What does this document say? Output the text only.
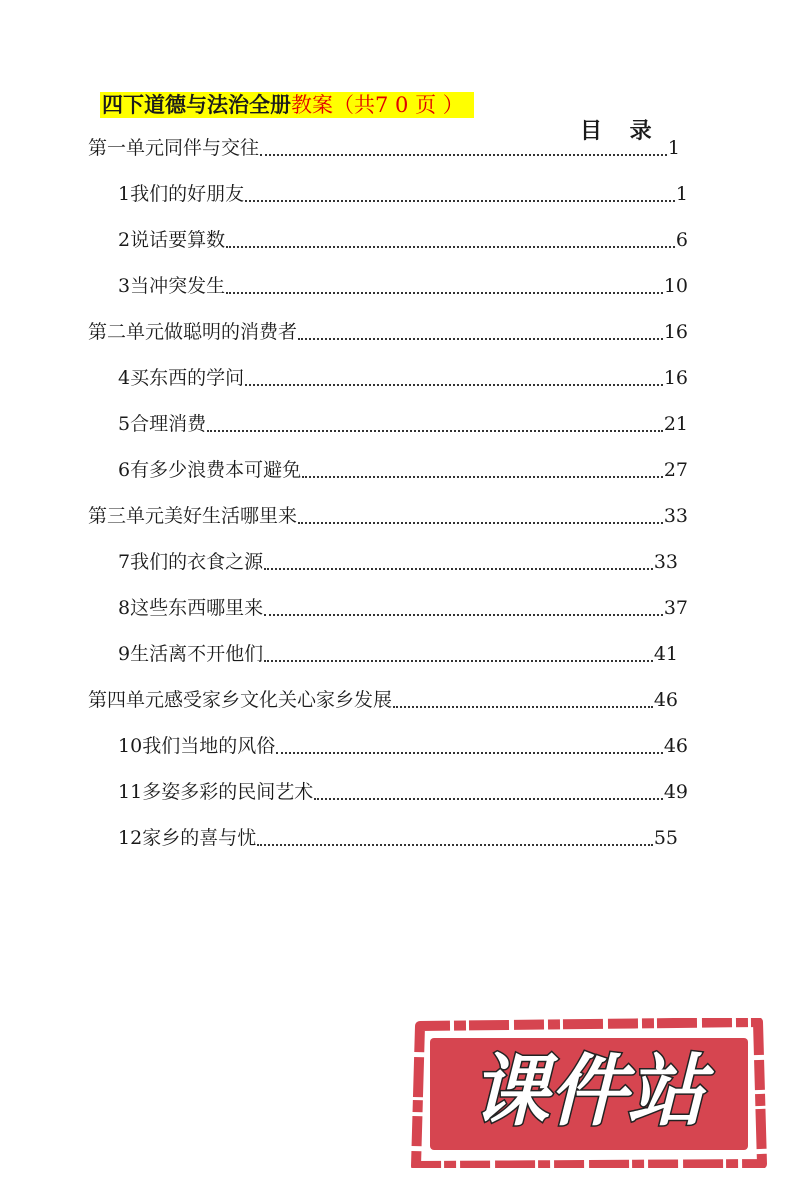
四下道德与法治全册教案（共7 0 页 ）
目 录
第一单元同伴与交往	1
1我们的好朋友	1
2说话要算数	6
3当冲突发生	10
第二单元做聪明的消费者	16
4买东西的学问	16
5合理消费	21
6有多少浪费本可避免	27
第三单元美好生活哪里来	33
7我们的衣食之源	33
8这些东西哪里来	37
9生活离不开他们	41
第四单元感受家乡文化关心家乡发展	46
10我们当地的风俗	46
11多姿多彩的民间艺术	49
12家乡的喜与忧	55
课件站
